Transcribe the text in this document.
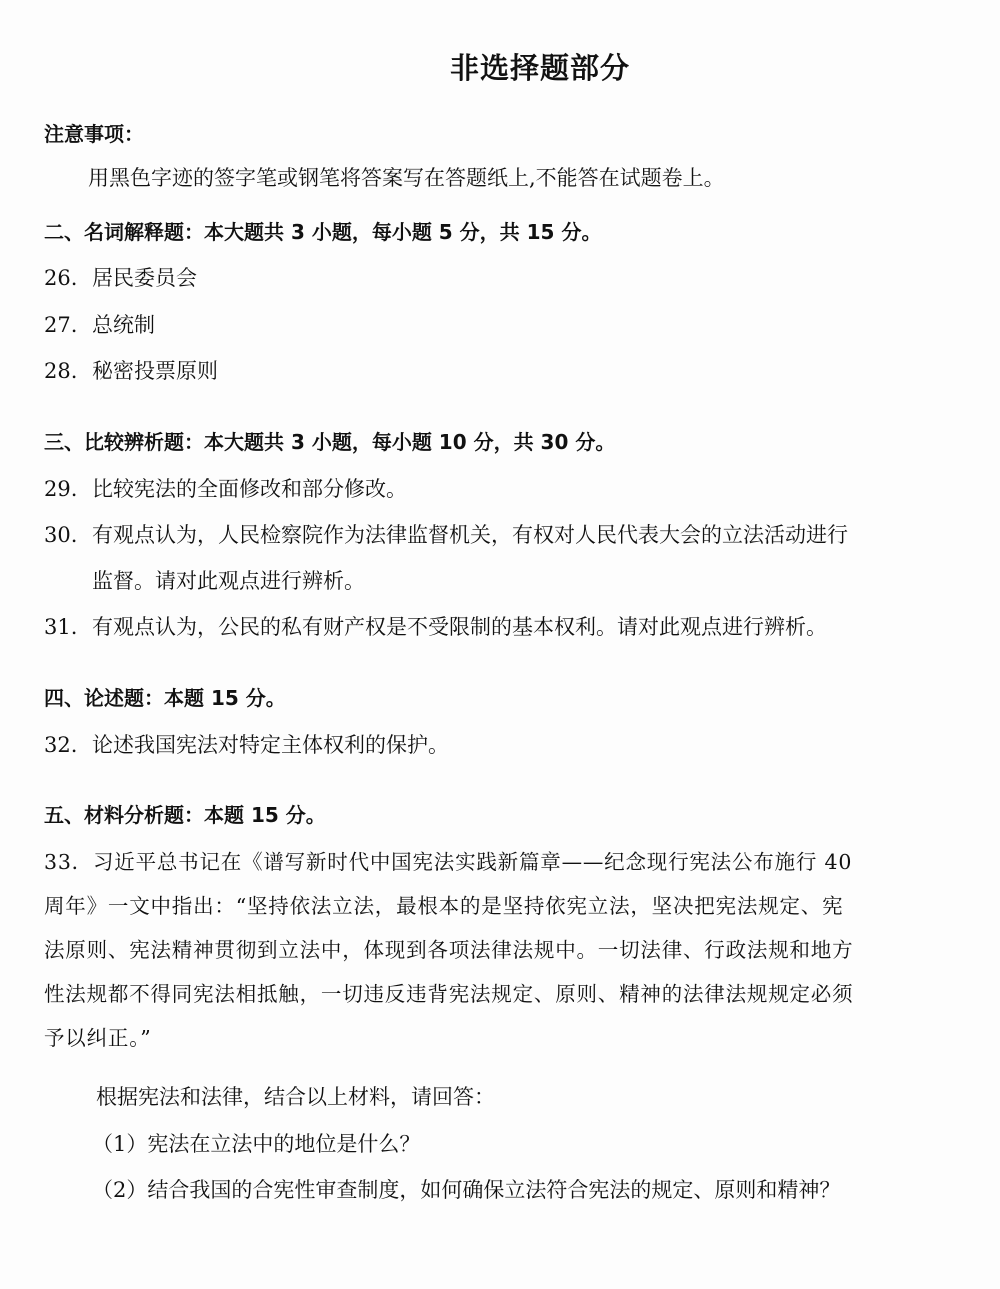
非选择题部分
注意事项：
用黑色字迹的签字笔或钢笔将答案写在答题纸上,不能答在试题卷上。
二、名词解释题：本大题共 3 小题，每小题 5 分，共 15 分。
26. 居民委员会
27. 总统制
28. 秘密投票原则
三、比较辨析题：本大题共 3 小题，每小题 10 分，共 30 分。
29. 比较宪法的全面修改和部分修改。
30. 有观点认为，人民检察院作为法律监督机关，有权对人民代表大会的立法活动进行
监督。请对此观点进行辨析。
31. 有观点认为，公民的私有财产权是不受限制的基本权利。请对此观点进行辨析。
四、论述题：本题 15 分。
32. 论述我国宪法对特定主体权利的保护。
五、材料分析题：本题 15 分。
33．习近平总书记在《谱写新时代中国宪法实践新篇章——纪念现行宪法公布施行 40
周年》一文中指出：“坚持依法立法，最根本的是坚持依宪立法，坚决把宪法规定、宪
法原则、宪法精神贯彻到立法中，体现到各项法律法规中。一切法律、行政法规和地方
性法规都不得同宪法相抵触，一切违反违背宪法规定、原则、精神的法律法规规定必须
予以纠正。”
根据宪法和法律，结合以上材料，请回答：
（1）宪法在立法中的地位是什么？
（2）结合我国的合宪性审查制度，如何确保立法符合宪法的规定、原则和精神？
